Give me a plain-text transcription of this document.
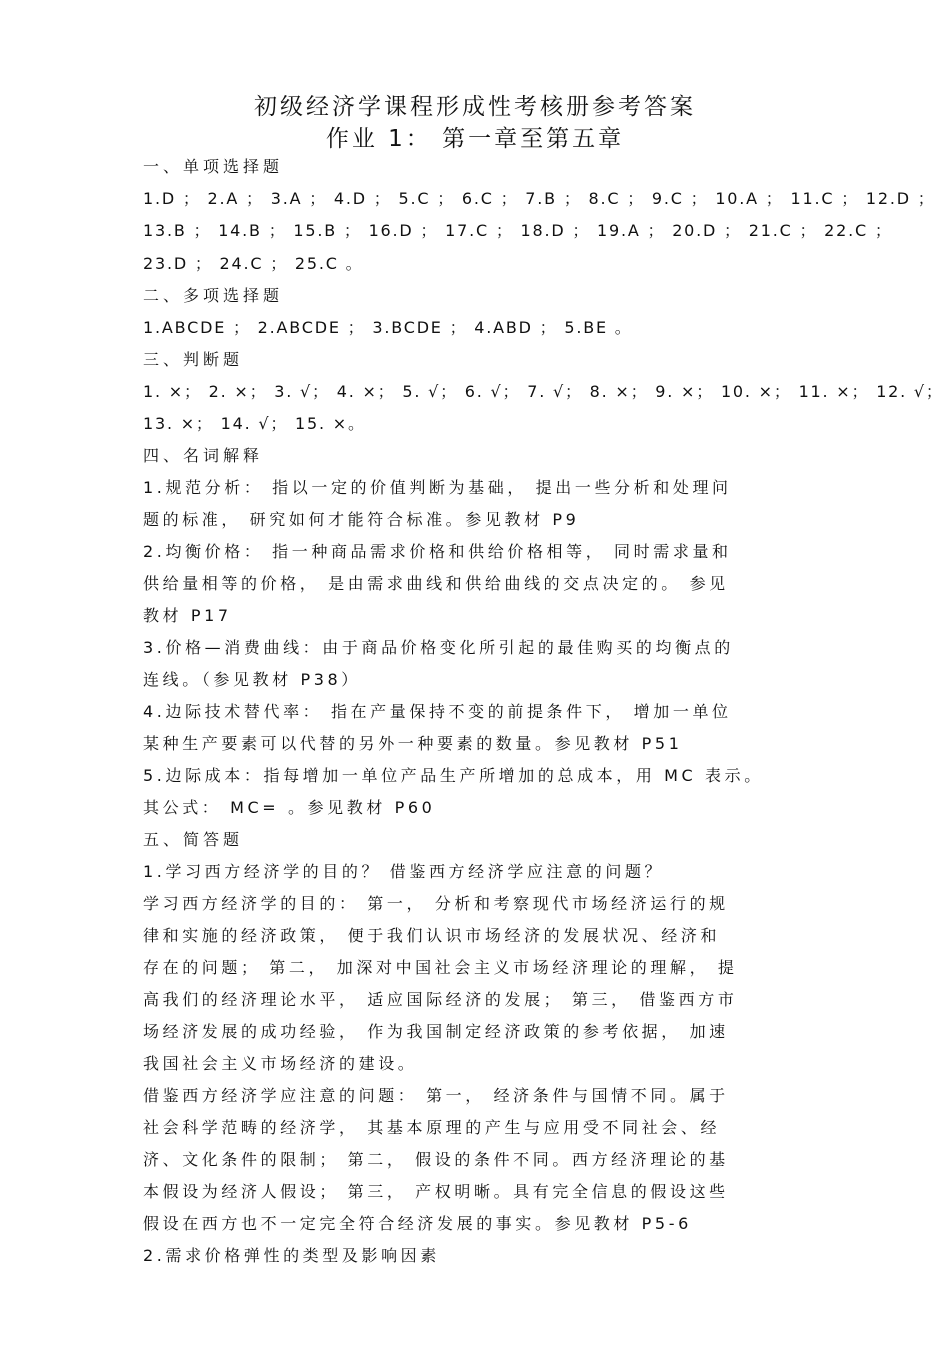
初级经济学课程形成性考核册参考答案
作业 1： 第一章至第五章
一、单项选择题
1.D ； 2.A ； 3.A ； 4.D ； 5.C ； 6.C ； 7.B ； 8.C ； 9.C ； 10.A ； 11.C ； 12.D ；
13.B ； 14.B ； 15.B ； 16.D ； 17.C ； 18.D ； 19.A ； 20.D ； 21.C ； 22.C ；
23.D ； 24.C ； 25.C 。
二、多项选择题
1.ABCDE ； 2.ABCDE ； 3.BCDE ； 4.ABD ； 5.BE 。
三、判断题
1. ×； 2. ×； 3. √； 4. ×； 5. √； 6. √； 7. √； 8. ×； 9. ×； 10. ×； 11. ×； 12. √；
13. ×； 14. √； 15. ×。
四、名词解释
1.规范分析： 指以一定的价值判断为基础， 提出一些分析和处理问
题的标准， 研究如何才能符合标准。参见教材 P9
2.均衡价格： 指一种商品需求价格和供给价格相等， 同时需求量和
供给量相等的价格， 是由需求曲线和供给曲线的交点决定的。 参见
教材 P17
3.价格—消费曲线：由于商品价格变化所引起的最佳购买的均衡点的
连线。（参见教材 P38）
4.边际技术替代率： 指在产量保持不变的前提条件下， 增加一单位
某种生产要素可以代替的另外一种要素的数量。参见教材 P51
5.边际成本：指每增加一单位产品生产所增加的总成本，用 MC 表示。
其公式： MC= 。参见教材 P60
五、简答题
1.学习西方经济学的目的？ 借鉴西方经济学应注意的问题？
学习西方经济学的目的： 第一， 分析和考察现代市场经济运行的规
律和实施的经济政策， 便于我们认识市场经济的发展状况、经济和
存在的问题； 第二， 加深对中国社会主义市场经济理论的理解， 提
高我们的经济理论水平， 适应国际经济的发展； 第三， 借鉴西方市
场经济发展的成功经验， 作为我国制定经济政策的参考依据， 加速
我国社会主义市场经济的建设。
借鉴西方经济学应注意的问题： 第一， 经济条件与国情不同。属于
社会科学范畴的经济学， 其基本原理的产生与应用受不同社会、经
济、文化条件的限制； 第二， 假设的条件不同。西方经济理论的基
本假设为经济人假设； 第三， 产权明晰。具有完全信息的假设这些
假设在西方也不一定完全符合经济发展的事实。参见教材 P5-6
2.需求价格弹性的类型及影响因素
